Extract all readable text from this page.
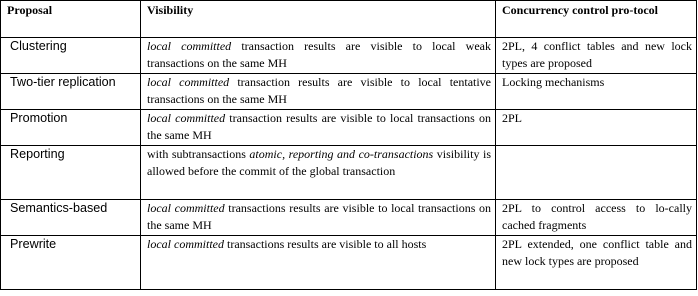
Proposal	Visibility	Concurrency control pro-tocol
Clustering	local committed transaction results are visible to local weak transactions on the same MH	2PL, 4 conflict tables and new lock types are proposed
Two-tier replication	local committed transaction results are visible to local tentative transactions on the same MH	Locking mechanisms
Promotion	local committed transaction results are visible to local transactions on the same MH	2PL
Reporting	with subtransactions atomic, reporting and co-transactions visibility is allowed before the commit of the global transaction	
Semantics-based	local committed transactions results are visible to local transactions on the same MH	2PL to control access to lo-cally cached fragments
Prewrite	local committed transactions results are visible to all hosts	2PL extended, one conflict table and new lock types are proposed
